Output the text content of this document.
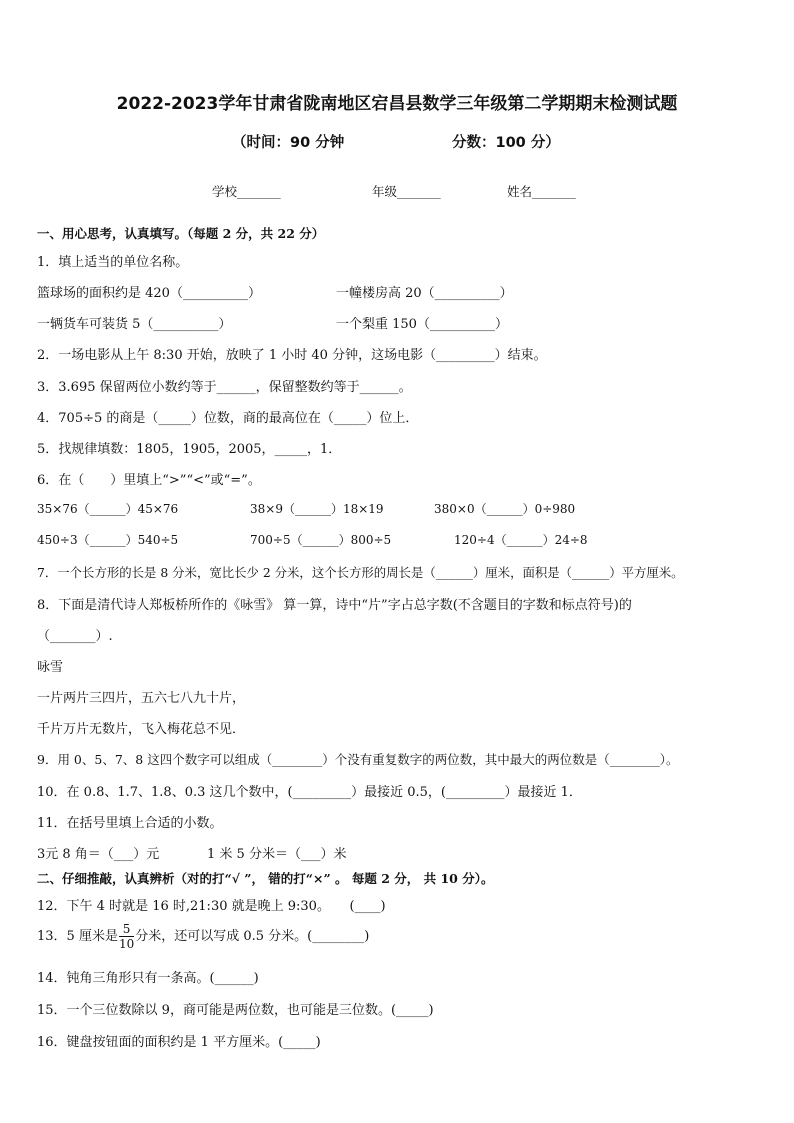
2022-2023学年甘肃省陇南地区宕昌县数学三年级第二学期期末检测试题
（时间：90 分钟	分数：100 分）
学校_______	年级_______	姓名_______
一、用心思考，认真填写。（每题 2 分，共 22 分）
1．填上适当的单位名称。
篮球场的面积约是 420（__________）	一幢楼房高 20（__________）
一辆货车可装货 5（__________）	一个梨重 150（__________）
2．一场电影从上午 8:30 开始，放映了 1 小时 40 分钟，这场电影（_________）结束。
3．3.695 保留两位小数约等于______，保留整数约等于______。
4．705÷5 的商是（_____）位数，商的最高位在（_____）位上．
5．找规律填数：1805，1905，2005，_____，1．
6．在（　　）里填上“>”“<”或“=”。
35×76（______）45×76	38×9（______）18×19	380×0（______）0÷980
450÷3（______）540÷5	700÷5（______）800÷5	120÷4（______）24÷8
7．一个长方形的长是 8 分米，宽比长少 2 分米，这个长方形的周长是（______）厘米，面积是（______）平方厘米。
8．下面是清代诗人郑板桥所作的《咏雪》 算一算，诗中“片”字占总字数(不含题目的字数和标点符号)的
（_______）.
咏雪
一片两片三四片，五六七八九十片，
千片万片无数片，飞入梅花总不见．
9．用 0、5、7、8 这四个数字可以组成（________）个没有重复数字的两位数，其中最大的两位数是（________）。
10．在 0.8、1.7、1.8、0.3 这几个数中，(_________）最接近 0.5，(_________）最接近 1．
11．在括号里填上合适的小数。
3元 8 角＝（___）元	1 米 5 分米＝（___）米
二、仔细推敲，认真辨析（对的打“√ ”， 错的打“×” 。 每题 2 分， 共 10 分）。
12．下午 4 时就是 16 时,21:30 就是晚上 9:30。　　(____)
13．5 厘米是 $\frac{5}{10}$ 分米，还可以写成 0.5 分米。(________)
14．钝角三角形只有一条高。(______)
15．一个三位数除以 9，商可能是两位数，也可能是三位数。(_____)
16．键盘按钮面的面积约是 1 平方厘米。(_____)
